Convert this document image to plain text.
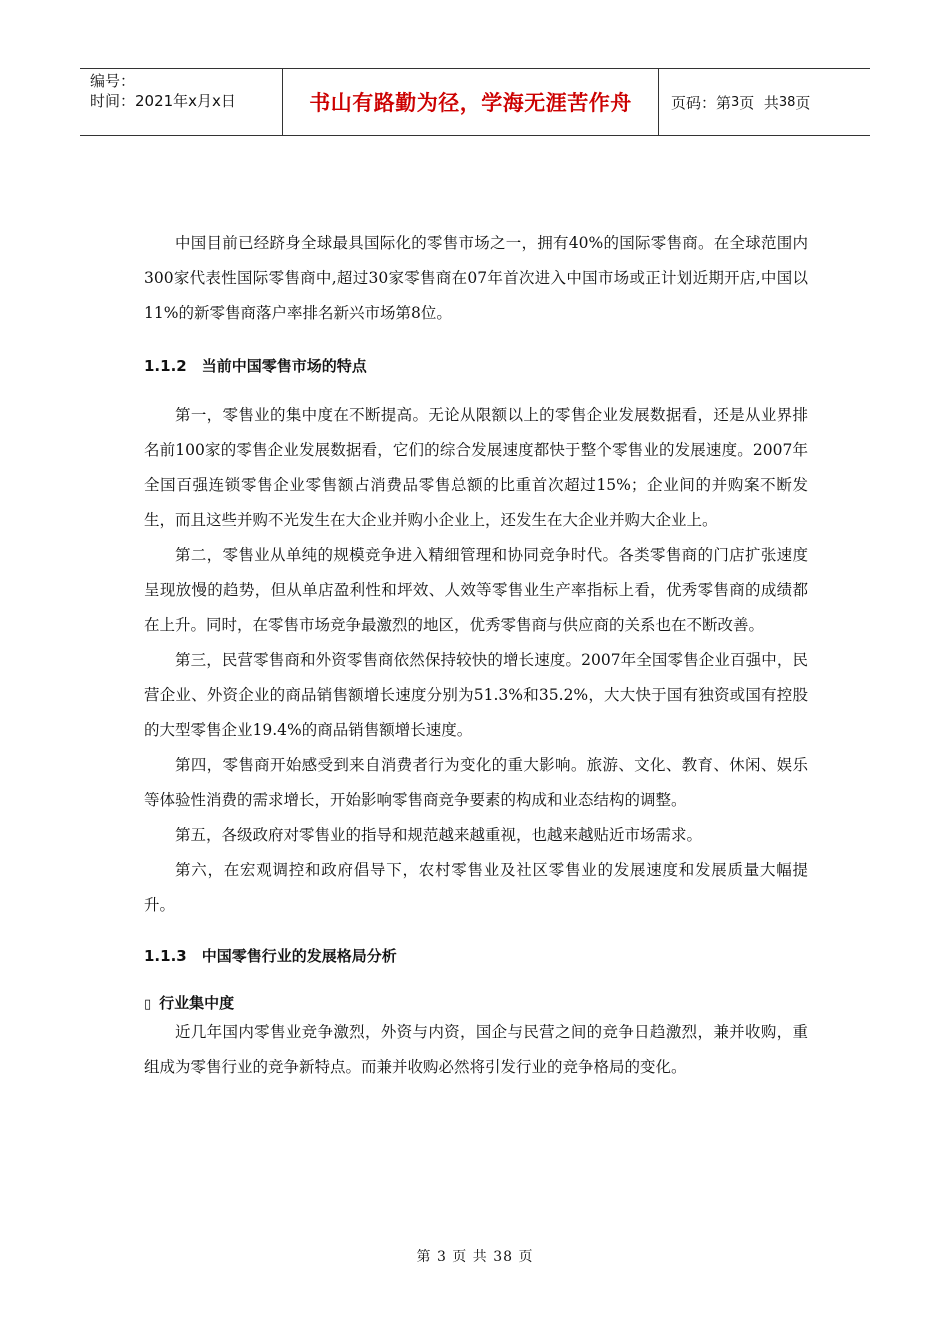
编号：
时间：2021年x月x日	书山有路勤为径，学海无涯苦作舟	页码：第 3 页  共 38 页

中国目前已经跻身全球最具国际化的零售市场之一，拥有40%的国际零售商。在全球范围内300家代表性国际零售商中,超过30家零售商在07年首次进入中国市场或正计划近期开店,中国以11%的新零售商落户率排名新兴市场第8位。

1.1.2　当前中国零售市场的特点

第一，零售业的集中度在不断提高。无论从限额以上的零售企业发展数据看，还是从业界排名前100家的零售企业发展数据看，它们的综合发展速度都快于整个零售业的发展速度。2007年全国百强连锁零售企业零售额占消费品零售总额的比重首次超过15%；企业间的并购案不断发生，而且这些并购不光发生在大企业并购小企业上，还发生在大企业并购大企业上。

第二，零售业从单纯的规模竞争进入精细管理和协同竞争时代。各类零售商的门店扩张速度呈现放慢的趋势，但从单店盈利性和坪效、人效等零售业生产率指标上看，优秀零售商的成绩都在上升。同时，在零售市场竞争最激烈的地区，优秀零售商与供应商的关系也在不断改善。

第三，民营零售商和外资零售商依然保持较快的增长速度。2007年全国零售企业百强中，民营企业、外资企业的商品销售额增长速度分别为51.3%和35.2%，大大快于国有独资或国有控股的大型零售企业19.4%的商品销售额增长速度。

第四，零售商开始感受到来自消费者行为变化的重大影响。旅游、文化、教育、休闲、娱乐等体验性消费的需求增长，开始影响零售商竞争要素的构成和业态结构的调整。

第五，各级政府对零售业的指导和规范越来越重视，也越来越贴近市场需求。

第六，在宏观调控和政府倡导下，农村零售业及社区零售业的发展速度和发展质量大幅提升。

1.1.3　中国零售行业的发展格局分析

▯ 行业集中度

近几年国内零售业竞争激烈，外资与内资，国企与民营之间的竞争日趋激烈，兼并收购，重组成为零售行业的竞争新特点。而兼并收购必然将引发行业的竞争格局的变化。

第 3 页 共 38 页
